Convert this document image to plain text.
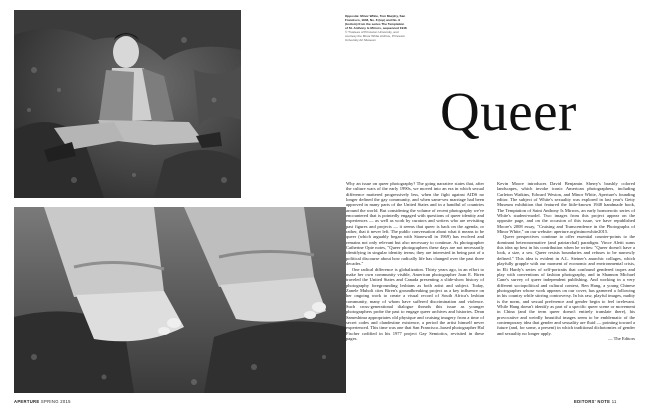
Opposite: Minor White, Tom Murphy, San Francisco, 1948, No. 8 (top) and No. 9 (bottom) from the series The Temptation of St. Anthony Is Mirrors, sequenced 1948
© Trustees of Princeton University, and courtesy the Minor White Archive, Princeton University Art Museum
Queer

Why an issue on queer photography? The going narrative states that, after the culture wars of the early 1990s, we moved into an era in which sexual difference mattered progressively less, when the fight against AIDS no longer defined the gay community, and when same-sex marriage had been approved in many parts of the United States and in a handful of countries around the world. But considering the volume of recent photography we've encountered that is pointedly engaged with questions of queer identity and experiences — as well as work by curators and writers who are revisiting past figures and projects — it seems that queer is back on the agenda, or rather, that it never left. The public conversation about what it means to be queer (which arguably began with Stonewall in 1969) has evolved and remains not only relevant but also necessary to continue. As photographer Catherine Opie notes, "Queer photographers these days are not necessarily identifying in singular identity terms; they are interested in being part of a political discourse about how radically life has changed over the past three decades."

One radical difference is globalization. Thirty years ago, in an effort to make her own community visible, American photographer Joan E. Biren traveled the United States and Canada presenting a slide-show history of photography foregrounding lesbians as both artist and subject. Today, Zanele Muholi cites Biren's groundbreaking project as a key influence on her ongoing work to create a visual record of South Africa's lesbian community, many of whom have suffered discrimination and violence. Such cross-generational dialogue threads this issue as younger photographers probe the past to engage queer archives and histories. Dean Sameshima appropriates old physique and cruising imagery from a time of secret codes and clandestine existence, a period the artist himself never experienced. This time was one that San Francisco–based photographer Hal Fischer codified in his 1977 project Gay Semiotics, revisited in these pages.

Kevin Moore introduces David Benjamin Sherry's brashly colored landscapes, which invoke iconic American photographers, including Carleton Watkins, Edward Weston, and Minor White, Aperture's founding editor. The subject of White's sexuality was explored in last year's Getty Museum exhibition that featured the little-known 1948 handmade book, The Temptation of Saint Anthony Is Mirrors, an early homoerotic series of White's student-model. Two images from this project appear on the opposite page, and on the occasion of this issue, we have republished Moore's 2008 essay, "Cruising and Transcendence in the Photographs of Minor White," on our website: aperture.org/minorwhite2015.

Queer perspectives continue to offer essential counter-points to the dominant heteronormative (and patriarchal) paradigm. Vince Aletti sums this idea up best in his contribution when he writes: "Queer doesn't have a look, a size, a sex. Queer resists boundaries and refuses to be narrowly defined." This idea is evident in A.L. Steiner's anarchic collages, which playfully grapple with our moment of economic and environmental crisis, in Eli Hardy's series of self-portraits that confound gendered tropes and play with conventions of fashion photography, and in Shannon Michael Cane's survey of queer independent publishing. And working in a very different sociopolitical and cultural context, Ren Hang, a young Chinese photographer whose work appears on our cover, has garnered a following in his country while stirring controversy. In his raw, playful images, nudity is the norm, and sexual preference and gender begin to feel irrelevant. While Hang doesn't identify as part of a specific queer scene or movement in China (and the term queer doesn't entirely translate there), his provocative and weirdly beautiful images seem to be emblematic of the contemporary idea that gender and sexuality are fluid — pointing toward a future (and, for some, a present) in which traditional dichotomies of gender and sexuality no longer apply.

— The Editors
APERTURE SPRING 2015	EDITORS' NOTE 11
